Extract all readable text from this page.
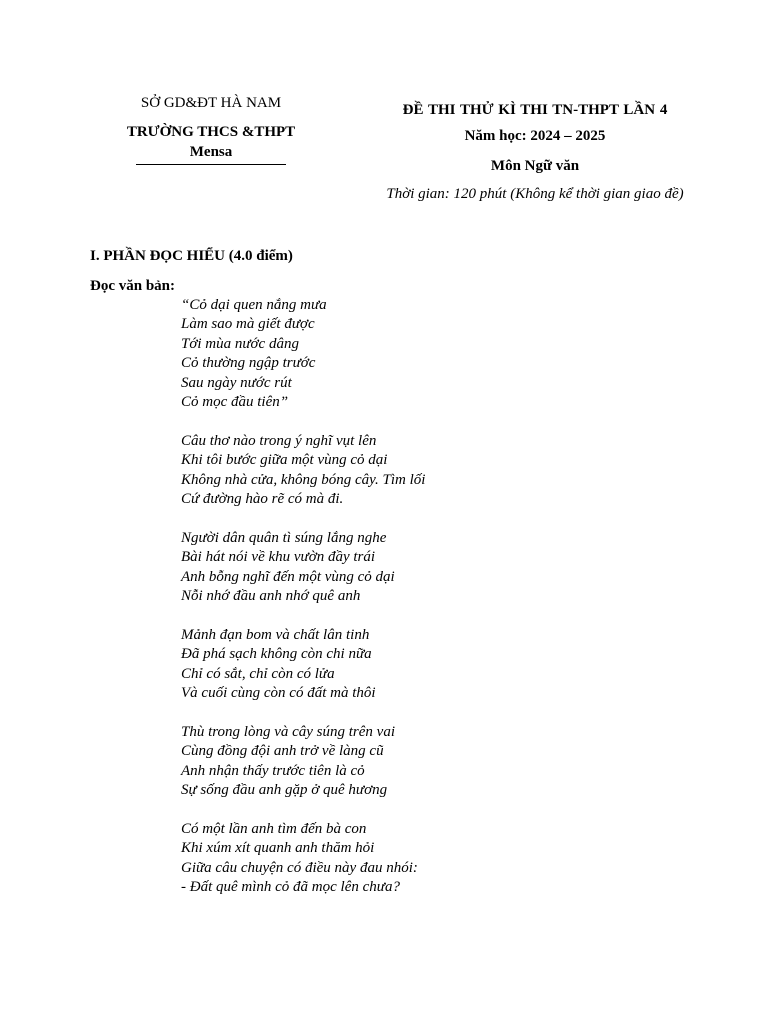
SỞ GD&ĐT HÀ NAM
TRƯỜNG THCS &THPT
Mensa
ĐỀ THI THỬ KÌ THI TN-THPT LẦN 4
Năm học: 2024 – 2025
Môn Ngữ văn
Thời gian: 120 phút (Không kể thời gian giao đề)
I. PHẦN ĐỌC HIỂU (4.0 điểm)
Đọc văn bản:
“Cỏ dại quen nắng mưa
Làm sao mà giết được
Tới mùa nước dâng
Cỏ thường ngập trước
Sau ngày nước rút
Cỏ mọc đầu tiên”
Câu thơ nào trong ý nghĩ vụt lên
Khi tôi bước giữa một vùng cỏ dại
Không nhà cửa, không bóng cây. Tìm lối
Cứ đường hào rẽ có mà đi.
Người dân quân tì súng lắng nghe
Bài hát nói về khu vườn đầy trái
Anh bỗng nghĩ đến một vùng cỏ dại
Nỗi nhớ đầu anh nhớ quê anh
Mảnh đạn bom và chất lân tinh
Đã phá sạch không còn chi nữa
Chỉ có sắt, chỉ còn có lửa
Và cuối cùng còn có đất mà thôi
Thù trong lòng và cây súng trên vai
Cùng đồng đội anh trở về làng cũ
Anh nhận thấy trước tiên là cỏ
Sự sống đầu anh gặp ở quê hương
Có một lần anh tìm đến bà con
Khi xúm xít quanh anh thăm hỏi
Giữa câu chuyện có điều này đau nhói:
- Đất quê mình cỏ đã mọc lên chưa?
